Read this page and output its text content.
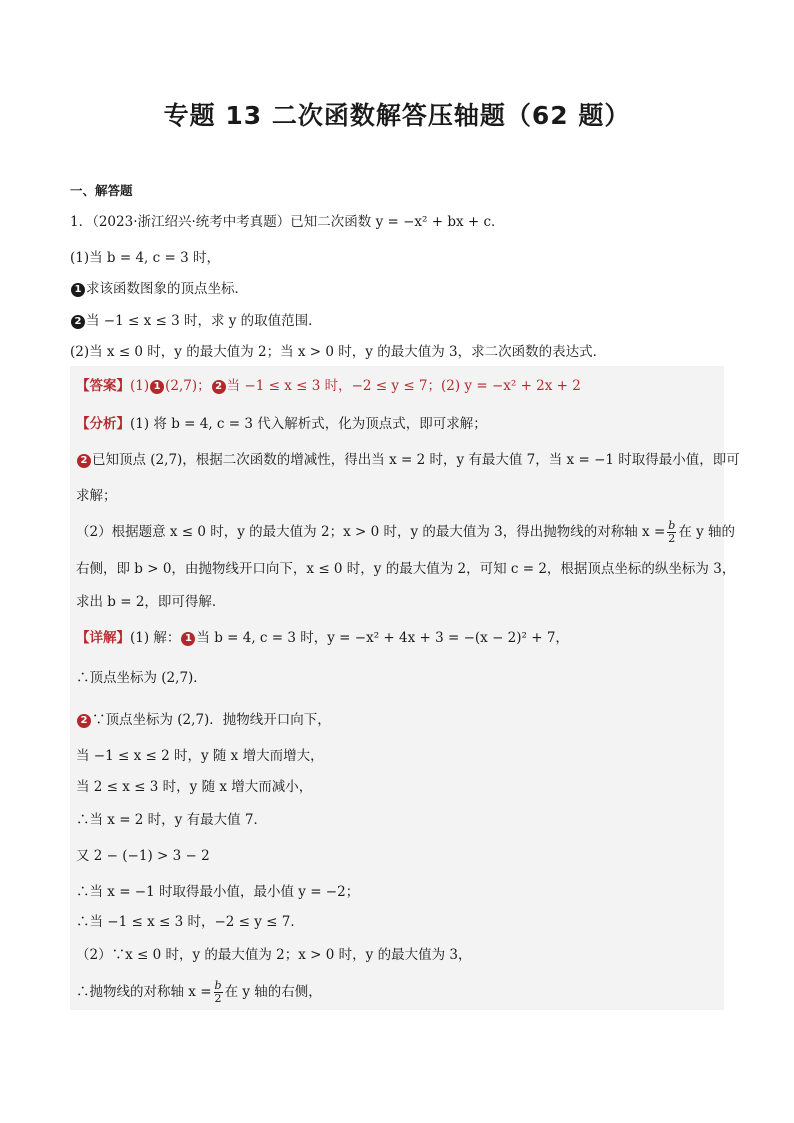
专题 13 二次函数解答压轴题（62 题）
一、解答题
1．（2023·浙江绍兴·统考中考真题）已知二次函数 y = −x² + bx + c．
(1)当 b = 4, c = 3 时，
1 求该函数图象的顶点坐标．
2 当 −1 ≤ x ≤ 3 时，求 y 的取值范围．
(2)当 x ≤ 0 时，y 的最大值为 2；当 x > 0 时，y 的最大值为 3，求二次函数的表达式．
【答案】(1) 1 (2,7)； 2 当 −1 ≤ x ≤ 3 时，−2 ≤ y ≤ 7；(2) y = −x² + 2x + 2
【分析】(1) 将 b = 4, c = 3 代入解析式，化为顶点式，即可求解；
2 已知顶点 (2,7)，根据二次函数的增减性，得出当 x = 2 时，y 有最大值 7，当 x = −1 时取得最小值，即可
求解；
（2）根据题意 x ≤ 0 时，y 的最大值为 2；x > 0 时，y 的最大值为 3，得出抛物线的对称轴 $x = \frac{b}{2}$ 在 y 轴的
右侧，即 b > 0，由抛物线开口向下，x ≤ 0 时，y 的最大值为 2，可知 c = 2，根据顶点坐标的纵坐标为 3，
求出 b = 2，即可得解．
【详解】(1) 解： 1 当 b = 4, c = 3 时，y = −x² + 4x + 3 = −(x − 2)² + 7，
∴顶点坐标为 (2,7)．
2 ∵顶点坐标为 (2,7)．抛物线开口向下，
当 −1 ≤ x ≤ 2 时，y 随 x 增大而增大，
当 2 ≤ x ≤ 3 时，y 随 x 增大而减小，
∴当 x = 2 时，y 有最大值 7．
又 2 − (−1) > 3 − 2
∴当 x = −1 时取得最小值，最小值 y = −2；
∴当 −1 ≤ x ≤ 3 时，−2 ≤ y ≤ 7．
（2）∵x ≤ 0 时，y 的最大值为 2；x > 0 时，y 的最大值为 3，
∴抛物线的对称轴 $x = \frac{b}{2}$ 在 y 轴的右侧，
